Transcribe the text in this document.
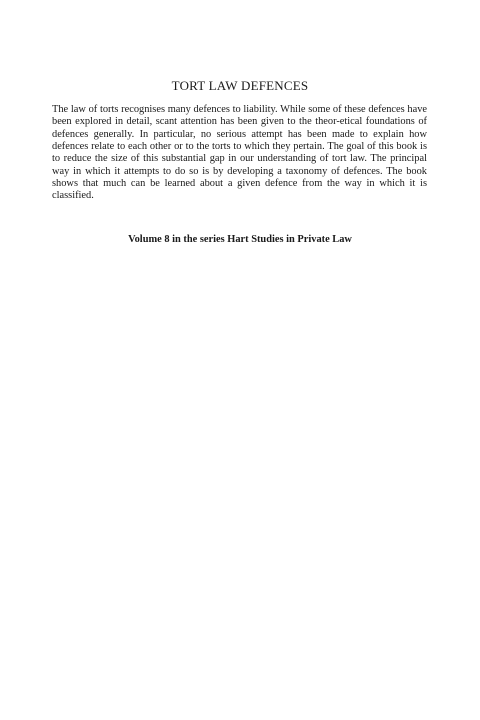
TORT LAW DEFENCES

The law of torts recognises many defences to liability. While some of these defences have been explored in detail, scant attention has been given to the theor-etical foundations of defences generally. In particular, no serious attempt has been made to explain how defences relate to each other or to the torts to which they pertain. The goal of this book is to reduce the size of this substantial gap in our understanding of tort law. The principal way in which it attempts to do so is by developing a taxonomy of defences. The book shows that much can be learned about a given defence from the way in which it is classified.

Volume 8 in the series Hart Studies in Private Law
